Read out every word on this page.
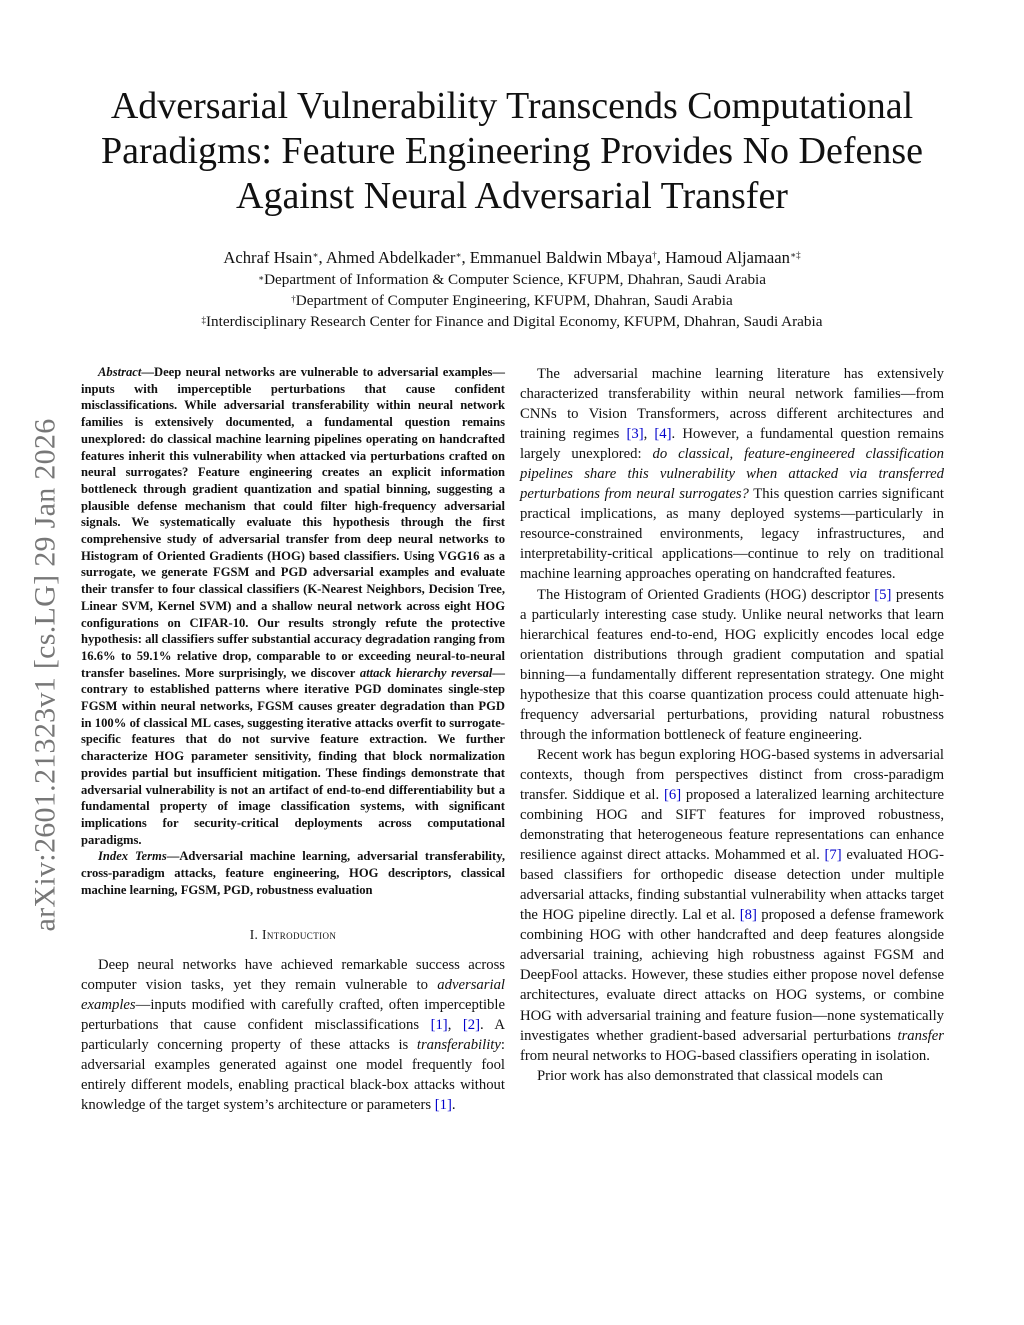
arXiv:2601.21323v1 [cs.LG] 29 Jan 2026
Adversarial Vulnerability Transcends Computational Paradigms: Feature Engineering Provides No Defense Against Neural Adversarial Transfer
Achraf Hsain∗, Ahmed Abdelkader∗, Emmanuel Baldwin Mbaya†, Hamoud Aljamaan∗‡
∗Department of Information & Computer Science, KFUPM, Dhahran, Saudi Arabia
†Department of Computer Engineering, KFUPM, Dhahran, Saudi Arabia
‡Interdisciplinary Research Center for Finance and Digital Economy, KFUPM, Dhahran, Saudi Arabia

Abstract—Deep neural networks are vulnerable to adversarial examples—inputs with imperceptible perturbations that cause confident misclassifications. While adversarial transferability within neural network families is extensively documented, a fundamental question remains unexplored: do classical machine learning pipelines operating on handcrafted features inherit this vulnerability when attacked via perturbations crafted on neural surrogates? Feature engineering creates an explicit information bottleneck through gradient quantization and spatial binning, suggesting a plausible defense mechanism that could filter high-frequency adversarial signals. We systematically evaluate this hypothesis through the first comprehensive study of adversarial transfer from deep neural networks to Histogram of Oriented Gradients (HOG) based classifiers. Using VGG16 as a surrogate, we generate FGSM and PGD adversarial examples and evaluate their transfer to four classical classifiers (K-Nearest Neighbors, Decision Tree, Linear SVM, Kernel SVM) and a shallow neural network across eight HOG configurations on CIFAR-10. Our results strongly refute the protective hypothesis: all classifiers suffer substantial accuracy degradation ranging from 16.6% to 59.1% relative drop, comparable to or exceeding neural-to-neural transfer baselines. More surprisingly, we discover attack hierarchy reversal—contrary to established patterns where iterative PGD dominates single-step FGSM within neural networks, FGSM causes greater degradation than PGD in 100% of classical ML cases, suggesting iterative attacks overfit to surrogate-specific features that do not survive feature extraction. We further characterize HOG parameter sensitivity, finding that block normalization provides partial but insufficient mitigation. These findings demonstrate that adversarial vulnerability is not an artifact of end-to-end differentiability but a fundamental property of image classification systems, with significant implications for security-critical deployments across computational paradigms.

Index Terms—Adversarial machine learning, adversarial transferability, cross-paradigm attacks, feature engineering, HOG descriptors, classical machine learning, FGSM, PGD, robustness evaluation

I. Introduction

Deep neural networks have achieved remarkable success across computer vision tasks, yet they remain vulnerable to adversarial examples—inputs modified with carefully crafted, often imperceptible perturbations that cause confident misclassifications [1], [2]. A particularly concerning property of these attacks is transferability: adversarial examples generated against one model frequently fool entirely different models, enabling practical black-box attacks without knowledge of the target system’s architecture or parameters [1].

The adversarial machine learning literature has extensively characterized transferability within neural network families—from CNNs to Vision Transformers, across different architectures and training regimes [3], [4]. However, a fundamental question remains largely unexplored: do classical, feature-engineered classification pipelines share this vulnerability when attacked via transferred perturbations from neural surrogates? This question carries significant practical implications, as many deployed systems—particularly in resource-constrained environments, legacy infrastructures, and interpretability-critical applications—continue to rely on traditional machine learning approaches operating on handcrafted features.

The Histogram of Oriented Gradients (HOG) descriptor [5] presents a particularly interesting case study. Unlike neural networks that learn hierarchical features end-to-end, HOG explicitly encodes local edge orientation distributions through gradient computation and spatial binning—a fundamentally different representation strategy. One might hypothesize that this coarse quantization process could attenuate high-frequency adversarial perturbations, providing natural robustness through the information bottleneck of feature engineering.

Recent work has begun exploring HOG-based systems in adversarial contexts, though from perspectives distinct from cross-paradigm transfer. Siddique et al. [6] proposed a lateralized learning architecture combining HOG and SIFT features for improved robustness, demonstrating that heterogeneous feature representations can enhance resilience against direct attacks. Mohammed et al. [7] evaluated HOG-based classifiers for orthopedic disease detection under multiple adversarial attacks, finding substantial vulnerability when attacks target the HOG pipeline directly. Lal et al. [8] proposed a defense framework combining HOG with other handcrafted and deep features alongside adversarial training, achieving high robustness against FGSM and DeepFool attacks. However, these studies either propose novel defense architectures, evaluate direct attacks on HOG systems, or combine HOG with adversarial training and feature fusion—none systematically investigates whether gradient-based adversarial perturbations transfer from neural networks to HOG-based classifiers operating in isolation.

Prior work has also demonstrated that classical models can
